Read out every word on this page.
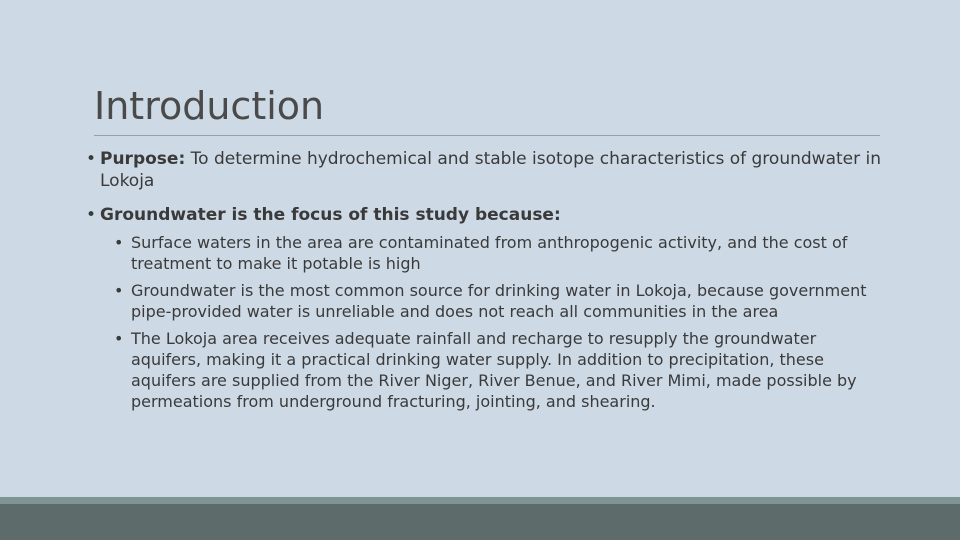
Introduction

• Purpose: To determine hydrochemical and stable isotope characteristics of groundwater in Lokoja

• Groundwater is the focus of this study because:
• Surface waters in the area are contaminated from anthropogenic activity, and the cost of treatment to make it potable is high
• Groundwater is the most common source for drinking water in Lokoja, because government pipe-provided water is unreliable and does not reach all communities in the area
• The Lokoja area receives adequate rainfall and recharge to resupply the groundwater aquifers, making it a practical drinking water supply. In addition to precipitation, these aquifers are supplied from the River Niger, River Benue, and River Mimi, made possible by permeations from underground fracturing, jointing, and shearing.
